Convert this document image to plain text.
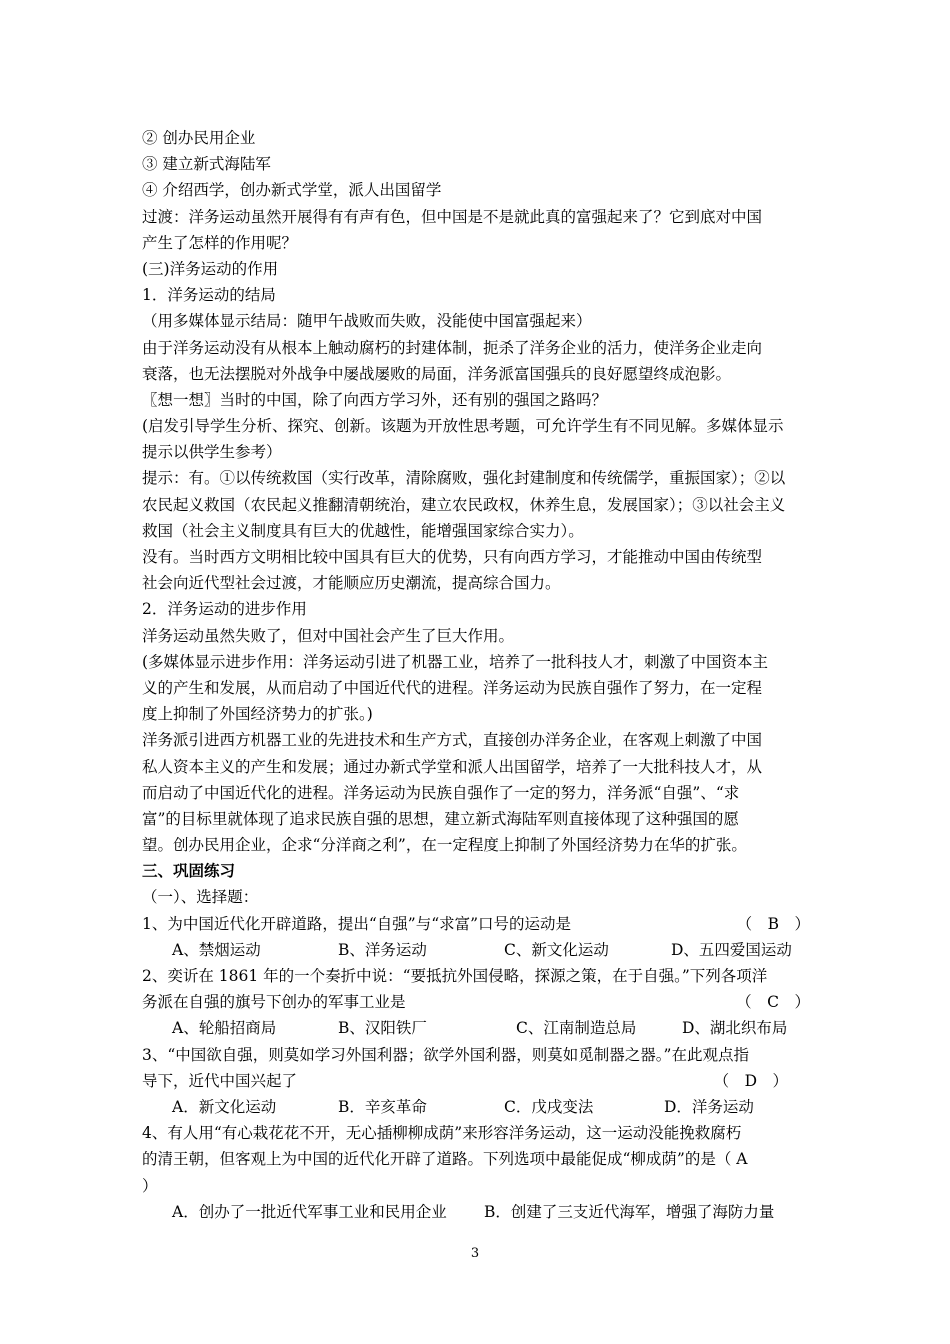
② 创办民用企业
③ 建立新式海陆军
④ 介绍西学，创办新式学堂，派人出国留学
过渡：洋务运动虽然开展得有有声有色，但中国是不是就此真的富强起来了？它到底对中国
产生了怎样的作用呢？
(三)洋务运动的作用
1．洋务运动的结局
（用多媒体显示结局：随甲午战败而失败，没能使中国富强起来）
由于洋务运动没有从根本上触动腐朽的封建体制，扼杀了洋务企业的活力，使洋务企业走向
衰落，也无法摆脱对外战争中屡战屡败的局面，洋务派富国强兵的良好愿望终成泡影。
〖想一想〗当时的中国，除了向西方学习外，还有别的强国之路吗？
(启发引导学生分析、探究、创新。该题为开放性思考题，可允许学生有不同见解。多媒体显示
提示以供学生参考）
提示：有。①以传统救国（实行改革，清除腐败，强化封建制度和传统儒学，重振国家）；②以
农民起义救国（农民起义推翻清朝统治，建立农民政权，休养生息，发展国家）；③以社会主义
救国（社会主义制度具有巨大的优越性，能增强国家综合实力）。
没有。当时西方文明相比较中国具有巨大的优势，只有向西方学习，才能推动中国由传统型
社会向近代型社会过渡，才能顺应历史潮流，提高综合国力。
2．洋务运动的进步作用
洋务运动虽然失败了，但对中国社会产生了巨大作用。
(多媒体显示进步作用：洋务运动引进了机器工业，培养了一批科技人才，刺激了中国资本主
义的产生和发展，从而启动了中国近代代的进程。洋务运动为民族自强作了努力，在一定程
度上抑制了外国经济势力的扩张。)
洋务派引进西方机器工业的先进技术和生产方式，直接创办洋务企业，在客观上刺激了中国
私人资本主义的产生和发展；通过办新式学堂和派人出国留学，培养了一大批科技人才，从
而启动了中国近代化的进程。洋务运动为民族自强作了一定的努力，洋务派“自强”、“求
富”的目标里就体现了追求民族自强的思想，建立新式海陆军则直接体现了这种强国的愿
望。创办民用企业，企求“分洋商之利”，在一定程度上抑制了外国经济势力在华的扩张。
三、巩固练习
（一）、选择题：
1、为中国近代化开辟道路，提出“自强”与“求富”口号的运动是	（　B　）
A、禁烟运动	B、洋务运动	C、新文化运动	D、五四爱国运动
2、奕䜣在 1861 年的一个奏折中说：“要抵抗外国侵略，探源之策，在于自强。”下列各项洋
务派在自强的旗号下创办的军事工业是	（　C　）
A、轮船招商局	B、汉阳铁厂	C、江南制造总局	D、湖北织布局
3、“中国欲自强，则莫如学习外国利器；欲学外国利器，则莫如觅制器之器。”在此观点指
导下，近代中国兴起了	（　D　）
A．新文化运动	B．辛亥革命	C．戊戌变法	D．洋务运动
4、有人用“有心栽花花不开，无心插柳柳成荫”来形容洋务运动，这一运动没能挽救腐朽
的清王朝，但客观上为中国的近代化开辟了道路。下列选项中最能促成“柳成荫”的是（ A
）
A．创办了一批近代军事工业和民用企业	B．创建了三支近代海军，增强了海防力量
3
